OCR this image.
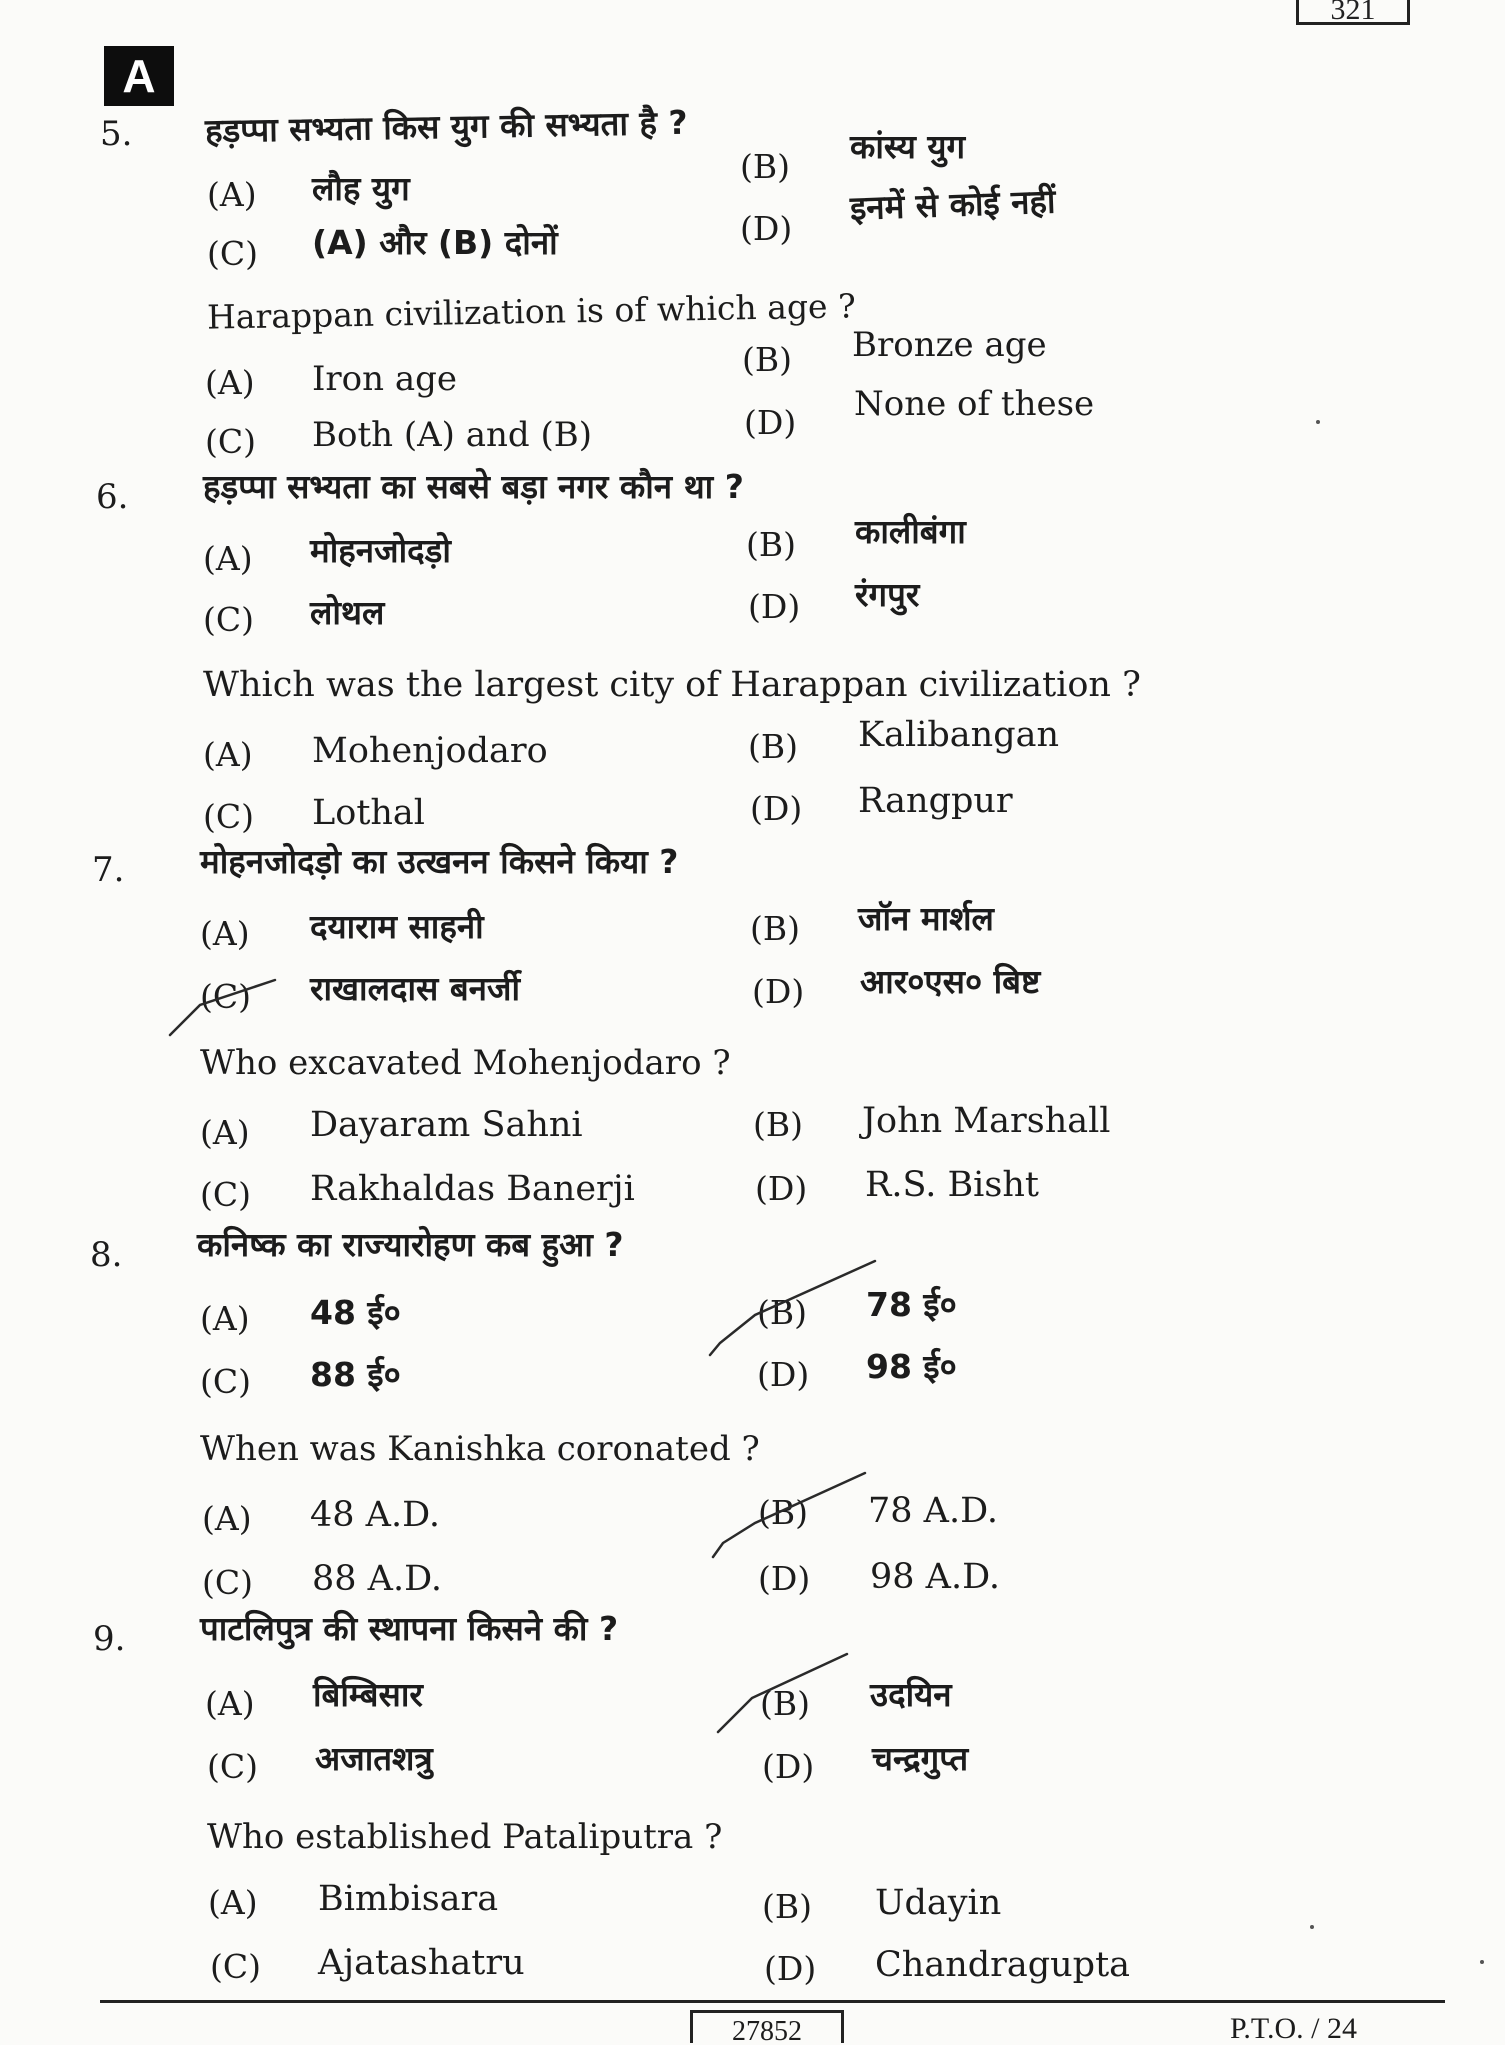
321
A
5. हड़प्पा सभ्यता किस युग की सभ्यता है ?
(A) लौह युग
(B)
कांस्य युग
(C) (A) और (B) दोनों	(D)
इनमें से कोई नहीं
Harappan civilization is of which age ?
(A) Iron age	(B) Bronze age
(C) Both (A) and (B)	(D) None of these
6. हड़प्पा सभ्यता का सबसे बड़ा नगर कौन था ?
(A) मोहनजोदड़ो	(B) कालीबंगा
(C) लोथल	(D) रंगपुर
Which was the largest city of Harappan civilization ?
(A) Mohenjodaro	(B) Kalibangan
(C) Lothal	(D) Rangpur
7. मोहनजोदड़ो का उत्खनन किसने किया ?
(A) दयाराम साहनी	(B) जॉन मार्शल
(C) राखालदास बनर्जी	(D) आर०एस० बिष्ट
Who excavated Mohenjodaro ?
(A) Dayaram Sahni	(B) John Marshall
(C) Rakhaldas Banerji	(D) R.S. Bisht
8. कनिष्क का राज्यारोहण कब हुआ ?
(A) 48 ई०	(B) 78 ई०
(C) 88 ई०	(D) 98 ई०
When was Kanishka coronated ?
(A) 48 A.D.	(B) 78 A.D.
(C) 88 A.D.	(D) 98 A.D.
9. पाटलिपुत्र की स्थापना किसने की ?
(A) बिम्बिसार	(B) उदयिन
(C) अजातशत्रु	(D) चन्द्रगुप्त
Who established Pataliputra ?
(A) Bimbisara	(B) Udayin
(C) Ajatashatru	(D) Chandragupta
27852	P.T.O. / 24
